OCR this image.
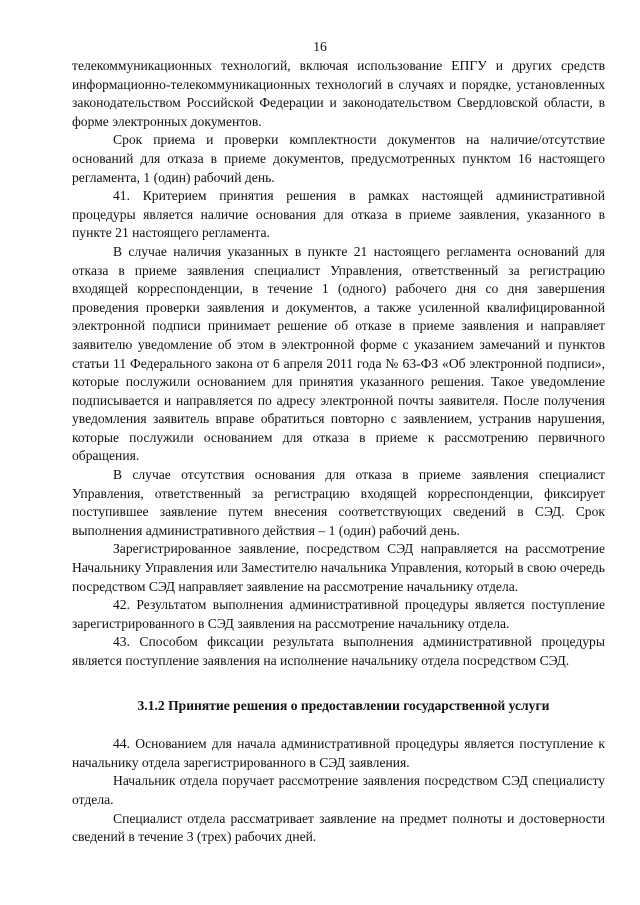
16

телекоммуникационных технологий, включая использование ЕПГУ и других средств информационно-телекоммуникационных технологий в случаях и порядке, установленных законодательством Российской Федерации и законодательством Свердловской области, в форме электронных документов.

Срок приема и проверки комплектности документов на наличие/отсутствие оснований для отказа в приеме документов, предусмотренных пунктом 16 настоящего регламента, 1 (один) рабочий день.

41. Критерием принятия решения в рамках настоящей административной процедуры является наличие основания для отказа в приеме заявления, указанного в пункте 21 настоящего регламента.

В случае наличия указанных в пункте 21 настоящего регламента оснований для отказа в приеме заявления специалист Управления, ответственный за регистрацию входящей корреспонденции, в течение 1 (одного) рабочего дня со дня завершения проведения проверки заявления и документов, а также усиленной квалифицированной электронной подписи принимает решение об отказе в приеме заявления и направляет заявителю уведомление об этом в электронной форме с указанием замечаний и пунктов статьи 11 Федерального закона от 6 апреля 2011 года № 63-ФЗ «Об электронной подписи», которые послужили основанием для принятия указанного решения. Такое уведомление подписывается и направляется по адресу электронной почты заявителя. После получения уведомления заявитель вправе обратиться повторно с заявлением, устранив нарушения, которые послужили основанием для отказа в приеме к рассмотрению первичного обращения.

В случае отсутствия основания для отказа в приеме заявления специалист Управления, ответственный за регистрацию входящей корреспонденции, фиксирует поступившее заявление путем внесения соответствующих сведений в СЭД. Срок выполнения административного действия – 1 (один) рабочий день.

Зарегистрированное заявление, посредством СЭД направляется на рассмотрение Начальнику Управления или Заместителю начальника Управления, который в свою очередь посредством СЭД направляет заявление на рассмотрение начальнику отдела.

42. Результатом выполнения административной процедуры является поступление зарегистрированного в СЭД заявления на рассмотрение начальнику отдела.

43. Способом фиксации результата выполнения административной процедуры является поступление заявления на исполнение начальнику отдела посредством СЭД.

3.1.2 Принятие решения о предоставлении государственной услуги

44. Основанием для начала административной процедуры является поступление к начальнику отдела зарегистрированного в СЭД заявления.

Начальник отдела поручает рассмотрение заявления посредством СЭД специалисту отдела.

Специалист отдела рассматривает заявление на предмет полноты и достоверности сведений в течение 3 (трех) рабочих дней.
